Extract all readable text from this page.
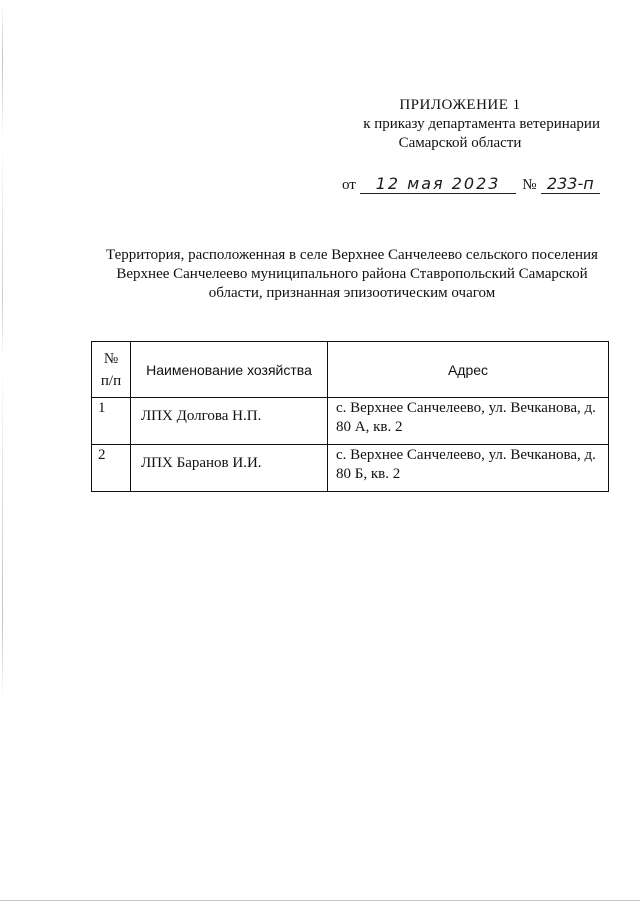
ПРИЛОЖЕНИЕ 1
к приказу департамента ветеринарии
Самарской области
от	12 мая 2023	№ 233-п
Территория, расположенная в селе Верхнее Санчелеево сельского поселения Верхнее Санчелеево муниципального района Ставропольский Самарской области, признанная эпизоотическим очагом
№
п/п	Наименование хозяйства	Адрес
1	ЛПХ Долгова Н.П.	с. Верхнее Санчелеево, ул. Вечканова, д. 80 А, кв. 2
2	ЛПХ Баранов И.И.	с. Верхнее Санчелеево, ул. Вечканова, д. 80 Б, кв. 2
